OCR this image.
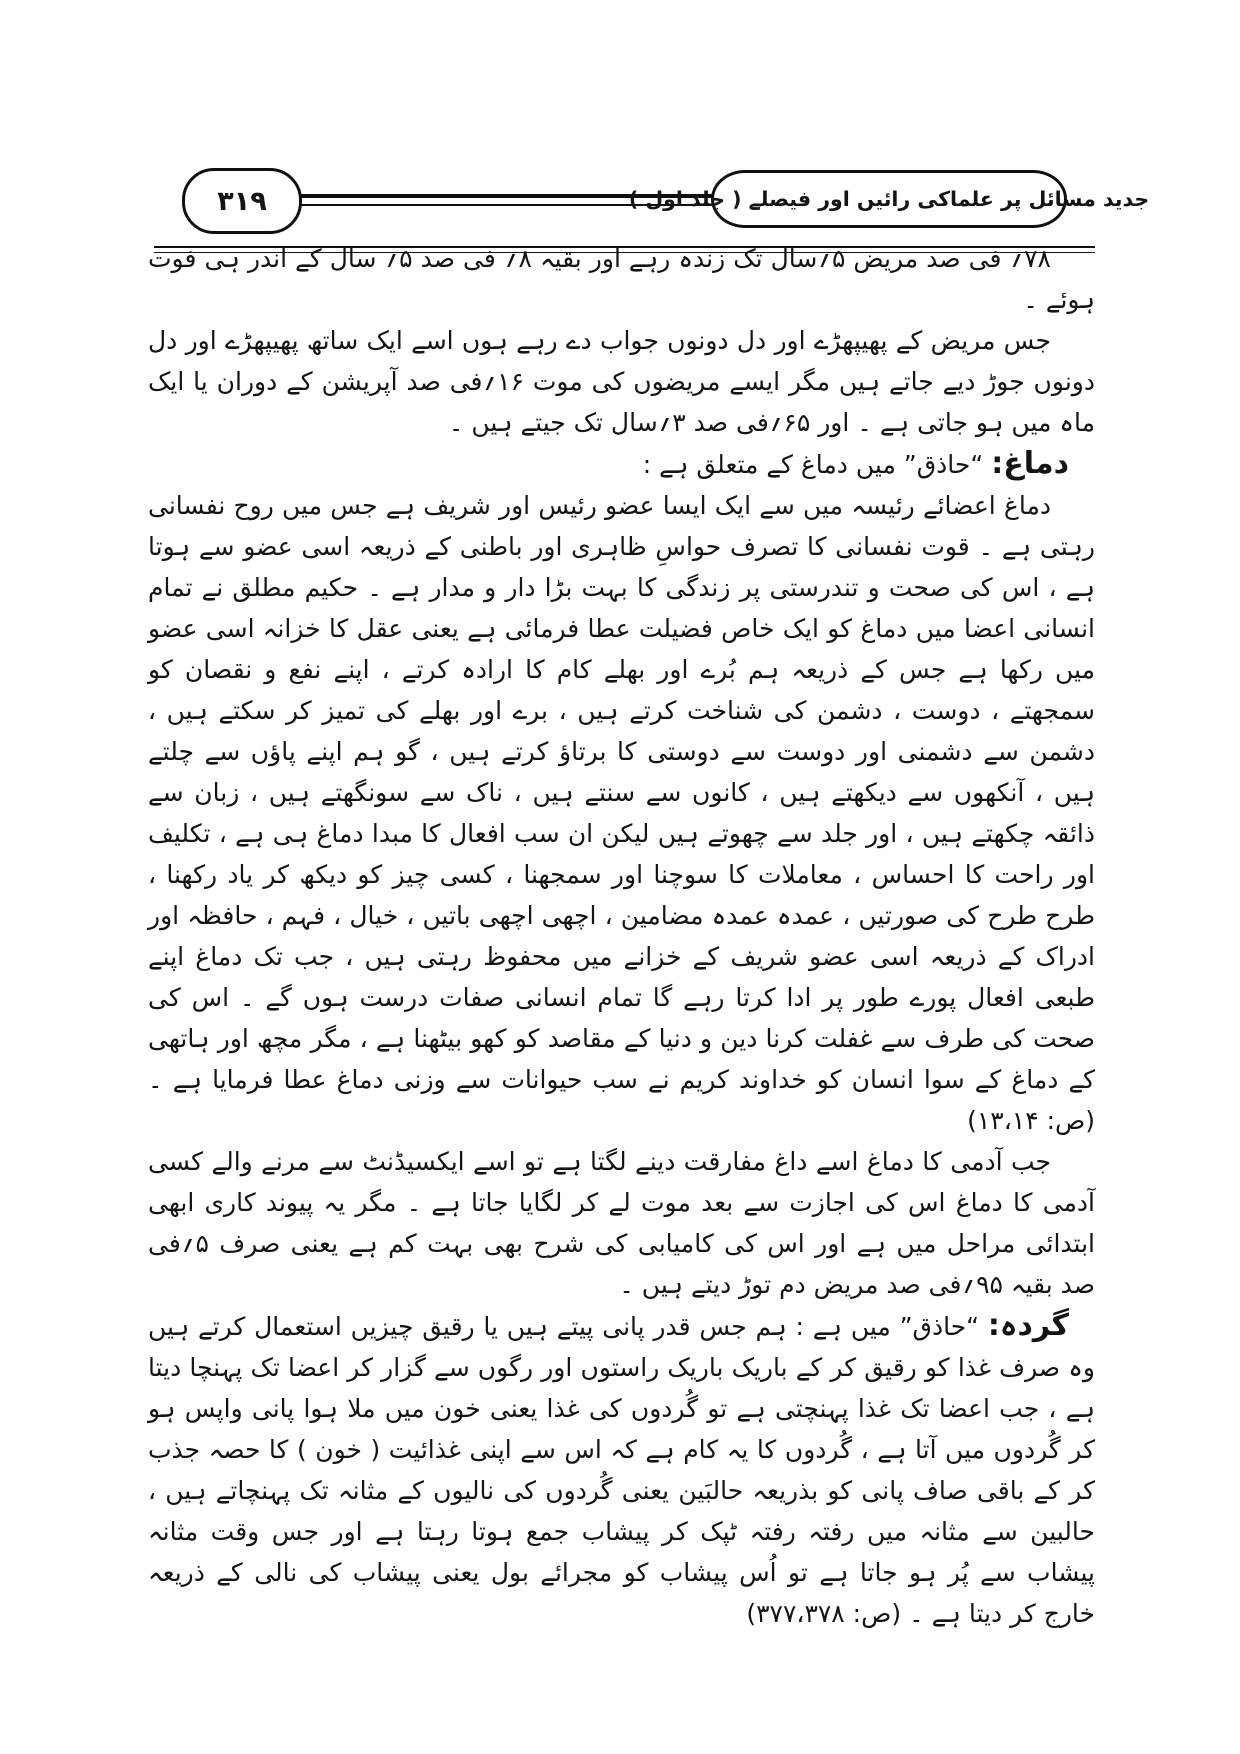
۳۱۹	جدید مسائل پر علماکی رائیں اور فیصلے ( جلد اول )

۷۸؍ فی صد مریض ۵؍سال تک زندہ رہے اور بقیہ ۸؍ فی صد ۵؍ سال کے اندر ہی فوت ہوئے ۔

جس مریض کے پھیپھڑے اور دل دونوں جواب دے رہے ہوں اسے ایک ساتھ پھیپھڑے اور دل دونوں جوڑ دیے جاتے ہیں مگر ایسے مریضوں کی موت ۱۶؍فی صد آپریشن کے دوران یا ایک ماہ میں ہو جاتی ہے ۔ اور ۶۵؍فی صد ۳؍سال تک جیتے ہیں ۔

دماغ: “حاذق” میں دماغ کے متعلق ہے :

دماغ اعضائے رئیسہ میں سے ایک ایسا عضو رئیس اور شریف ہے جس میں روح نفسانی رہتی ہے ۔ قوت نفسانی کا تصرف حواسِ ظاہری اور باطنی کے ذریعہ اسی عضو سے ہوتا ہے ، اس کی صحت و تندرستی پر زندگی کا بہت بڑا دار و مدار ہے ۔ حکیم مطلق نے تمام انسانی اعضا میں دماغ کو ایک خاص فضیلت عطا فرمائی ہے یعنی عقل کا خزانہ اسی عضو میں رکھا ہے جس کے ذریعہ ہم بُرے اور بھلے کام کا ارادہ کرتے ، اپنے نفع و نقصان کو سمجھتے ، دوست ، دشمن کی شناخت کرتے ہیں ، برے اور بھلے کی تمیز کر سکتے ہیں ، دشمن سے دشمنی اور دوست سے دوستی کا برتاؤ کرتے ہیں ، گو ہم اپنے پاؤں سے چلتے ہیں ، آنکھوں سے دیکھتے ہیں ، کانوں سے سنتے ہیں ، ناک سے سونگھتے ہیں ، زبان سے ذائقہ چکھتے ہیں ، اور جلد سے چھوتے ہیں لیکن ان سب افعال کا مبدا دماغ ہی ہے ، تکلیف اور راحت کا احساس ، معاملات کا سوچنا اور سمجھنا ، کسی چیز کو دیکھ کر یاد رکھنا ، طرح طرح کی صورتیں ، عمدہ عمدہ مضامین ، اچھی اچھی باتیں ، خیال ، فہم ، حافظہ اور ادراک کے ذریعہ اسی عضو شریف کے خزانے میں محفوظ رہتی ہیں ، جب تک دماغ اپنے طبعی افعال پورے طور پر ادا کرتا رہے گا تمام انسانی صفات درست ہوں گے ۔ اس کی صحت کی طرف سے غفلت کرنا دین و دنیا کے مقاصد کو کھو بیٹھنا ہے ، مگر مچھ اور ہاتھی کے دماغ کے سوا انسان کو خداوند کریم نے سب حیوانات سے وزنی دماغ عطا فرمایا ہے ۔ (ص: ۱۳،۱۴)

جب آدمی کا دماغ اسے داغ مفارقت دینے لگتا ہے تو اسے ایکسیڈنٹ سے مرنے والے کسی آدمی کا دماغ اس کی اجازت سے بعد موت لے کر لگایا جاتا ہے ۔ مگر یہ پیوند کاری ابھی ابتدائی مراحل میں ہے اور اس کی کامیابی کی شرح بھی بہت کم ہے یعنی صرف ۵؍فی صد بقیہ ۹۵؍فی صد مریض دم توڑ دیتے ہیں ۔

گردہ: “حاذق” میں ہے : ہم جس قدر پانی پیتے ہیں یا رقیق چیزیں استعمال کرتے ہیں وہ صرف غذا کو رقیق کر کے باریک باریک راستوں اور رگوں سے گزار کر اعضا تک پہنچا دیتا ہے ، جب اعضا تک غذا پہنچتی ہے تو گُردوں کی غذا یعنی خون میں ملا ہوا پانی واپس ہو کر گُردوں میں آتا ہے ، گُردوں کا یہ کام ہے کہ اس سے اپنی غذائیت ( خون ) کا حصہ جذب کر کے باقی صاف پانی کو بذریعہ حالبَین یعنی گُردوں کی نالیوں کے مثانہ تک پہنچاتے ہیں ، حالبین سے مثانہ میں رفتہ رفتہ ٹپک کر پیشاب جمع ہوتا رہتا ہے اور جس وقت مثانہ پیشاب سے پُر ہو جاتا ہے تو اُس پیشاب کو مجرائے بول یعنی پیشاب کی نالی کے ذریعہ خارج کر دیتا ہے ۔ (ص: ۳۷۷،۳۷۸)
